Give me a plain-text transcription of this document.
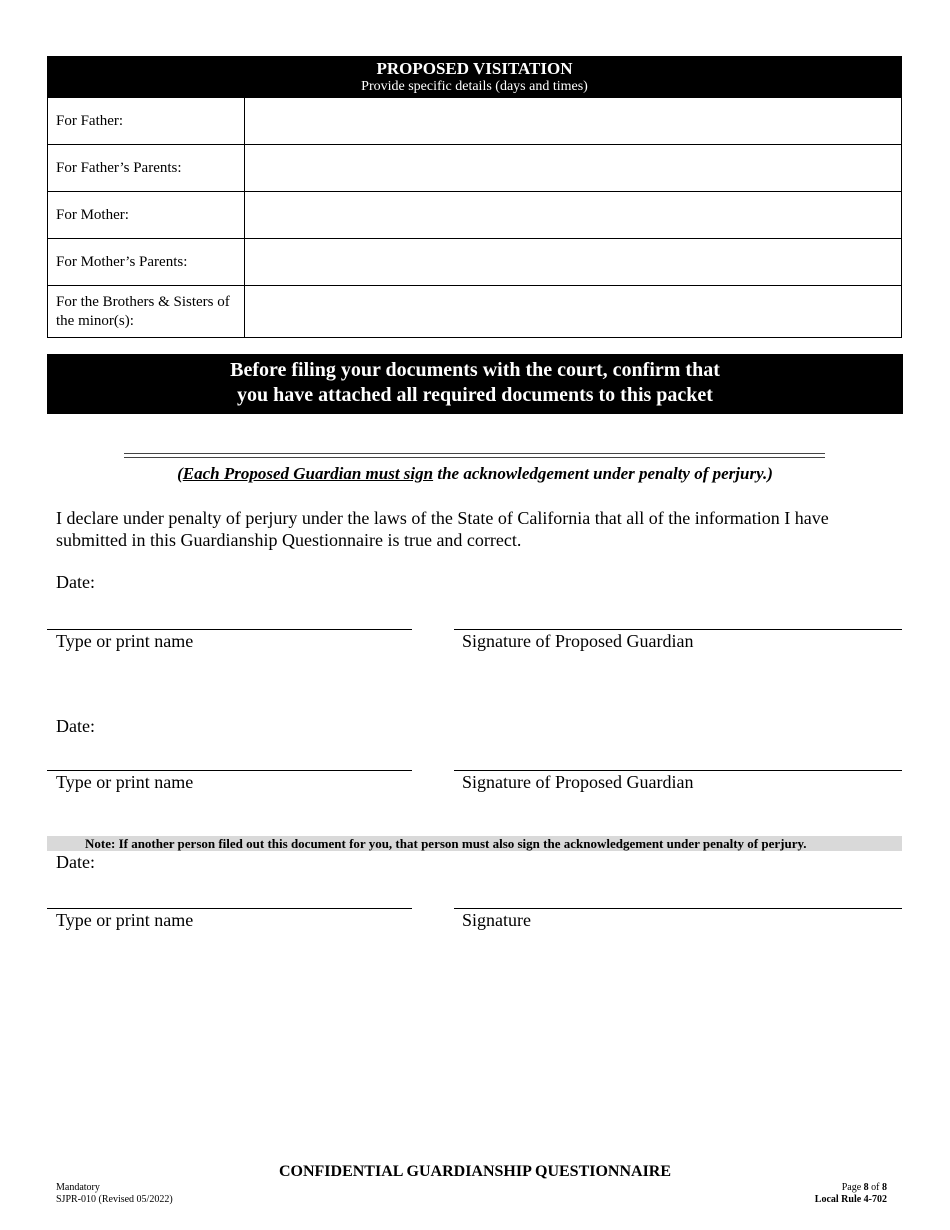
PROPOSED VISITATION
Provide specific details (days and times)
For Father:
For Father’s Parents:
For Mother:
For Mother’s Parents:
For the Brothers & Sisters of the minor(s):
Before filing your documents with the court, confirm that
you have attached all required documents to this packet
(Each Proposed Guardian must sign the acknowledgement under penalty of perjury.)
I declare under penalty of perjury under the laws of the State of California that all of the information I have submitted in this Guardianship Questionnaire is true and correct.
Date:
Type or print name	Signature of Proposed Guardian
Date:
Type or print name	Signature of Proposed Guardian
Note: If another person filed out this document for you, that person must also sign the acknowledgement under penalty of perjury.
Date:
Type or print name	Signature
CONFIDENTIAL GUARDIANSHIP QUESTIONNAIRE
Mandatory
SJPR-010 (Revised 05/2022)
Page 8 of 8
Local Rule 4-702
